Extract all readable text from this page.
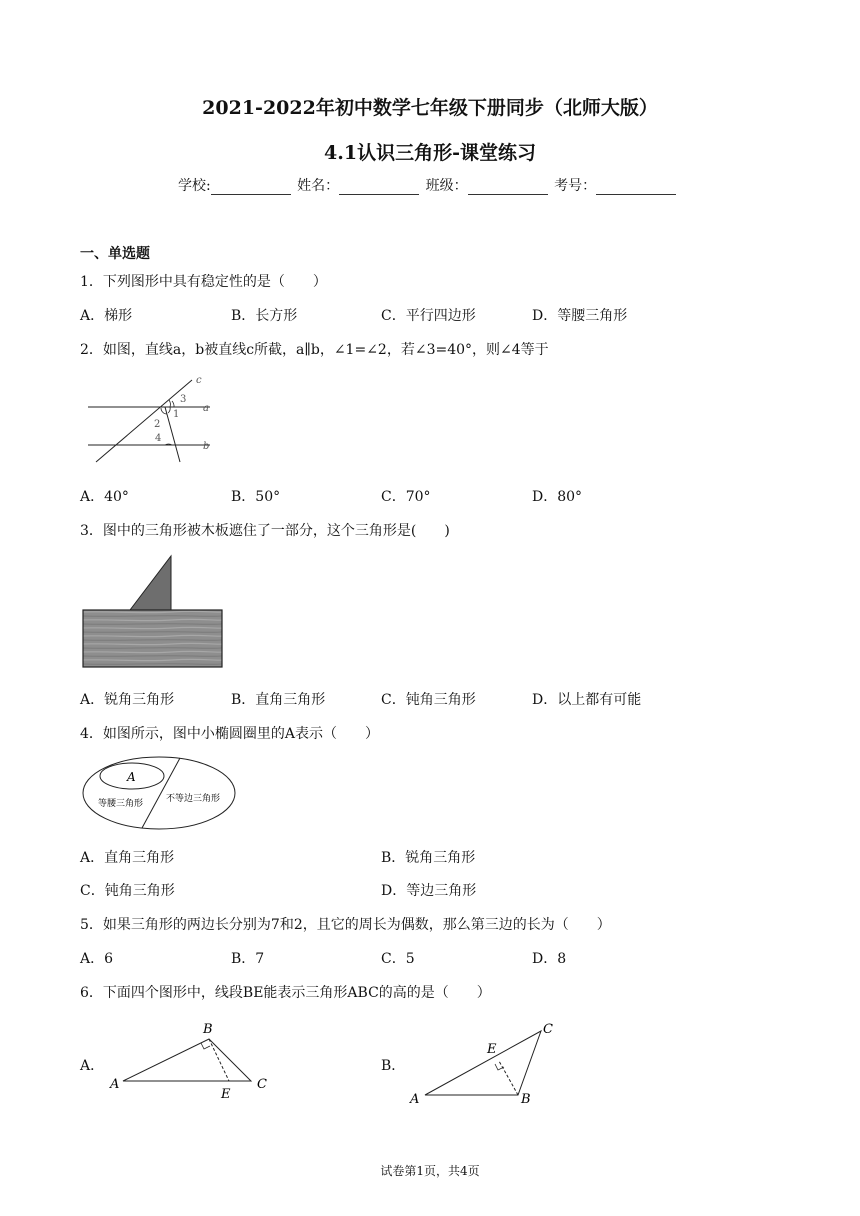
2021-2022年初中数学七年级下册同步（北师大版）
4.1认识三角形-课堂练习
学校:	姓名：	班级：	考号：
一、单选题
1．下列图形中具有稳定性的是（　　）
A．梯形	B．长方形	C．平行四边形	D．等腰三角形
2．如图，直线a，b被直线c所截，a∥b，∠1=∠2，若∠3=40°，则∠4等于
c
a
b
1
2
3
4
A．40°	B．50°	C．70°	D．80°
3．图中的三角形被木板遮住了一部分，这个三角形是(　　)
A．锐角三角形	B．直角三角形	C．钝角三角形	D．以上都有可能
4．如图所示，图中小椭圆圈里的A表示（　　）
A
等腰三角形	不等边三角形
A．直角三角形	B．锐角三角形
C．钝角三角形	D．等边三角形
5．如果三角形的两边长分别为7和2，且它的周长为偶数，那么第三边的长为（　　）
A．6	B．7	C．5	D．8
6．下面四个图形中，线段BE能表示三角形ABC的高的是（　　）
A．
B
A	C
E
B．
C
E
A	B
试卷第1页，共4页
